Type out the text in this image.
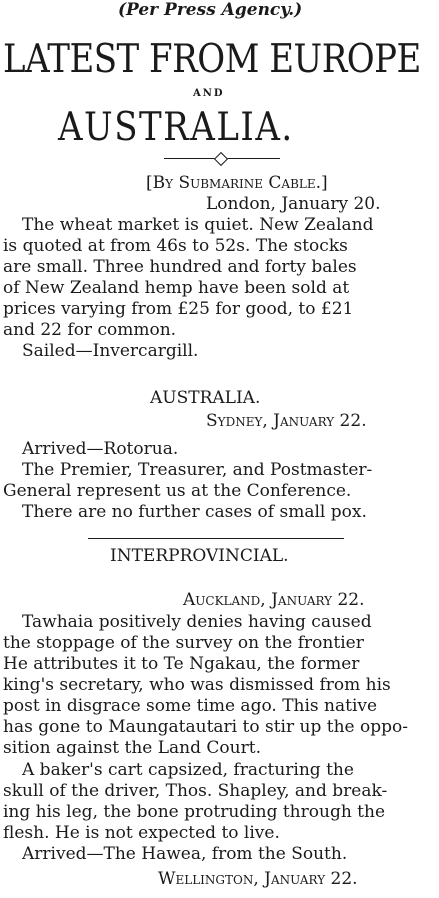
(Per Press Agency.)
LATEST FROM EUROPE
AND
AUSTRALIA.
[By Submarine Cable.]
London, January 20.
The wheat market is quiet. New Zealand
is quoted at from 46s to 52s. The stocks
are small. Three hundred and forty bales
of New Zealand hemp have been sold at
prices varying from £25 for good, to £21
and 22 for common.
Sailed—Invercargill.
AUSTRALIA.
Sydney, January 22.
Arrived—Rotorua.
The Premier, Treasurer, and Postmaster-
General represent us at the Conference.
There are no further cases of small pox.
INTERPROVINCIAL.
Auckland, January 22.
Tawhaia positively denies having caused
the stoppage of the survey on the frontier
He attributes it to Te Ngakau, the former
king's secretary, who was dismissed from his
post in disgrace some time ago. This native
has gone to Maungatautari to stir up the oppo-
sition against the Land Court.
A baker's cart capsized, fracturing the
skull of the driver, Thos. Shapley, and break-
ing his leg, the bone protruding through the
flesh. He is not expected to live.
Arrived—The Hawea, from the South.
Wellington, January 22.
